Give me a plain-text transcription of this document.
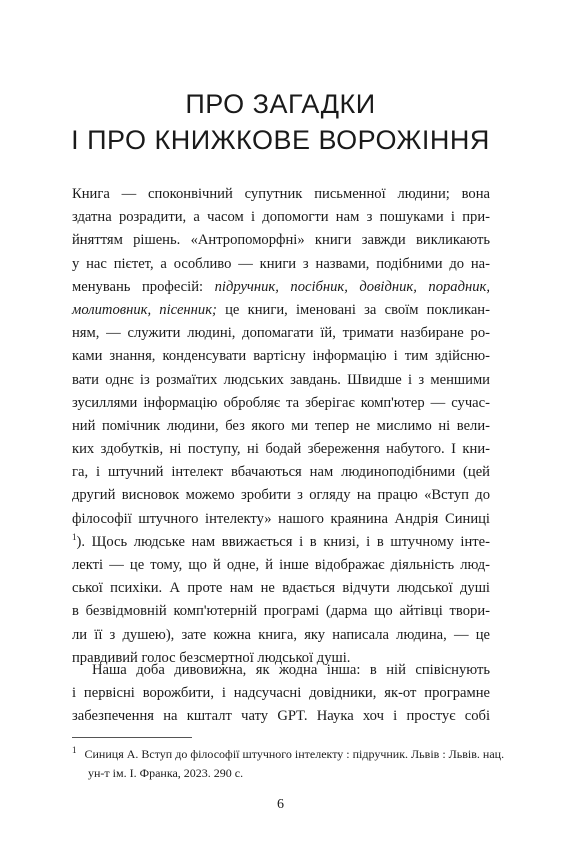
ПРО ЗАГАДКИ
І ПРО КНИЖКОВЕ ВОРОЖІННЯ
Книга — споконвічний супутник письменної людини; вона
здатна розрадити, а часом і допомогти нам з пошуками і при-
йняттям рішень. «Антропоморфні» книги завжди викликають
у нас пієтет, а особливо — книги з назвами, подібними до на-
менувань професій: підручник, посібник, довідник, порадник,
молитовник, пісенник; це книги, іменовані за своїм покликан-
ням, — служити людині, допомагати їй, тримати назбиране ро-
ками знання, конденсувати вартісну інформацію і тим здійсню-
вати однє із розмаїтих людських завдань. Швидше і з меншими
зусиллями інформацію обробляє та зберігає комп'ютер — сучас-
ний помічник людини, без якого ми тепер не мислимо ні вели-
ких здобутків, ні поступу, ні бодай збереження набутого. І кни-
га, і штучний інтелект вбачаються нам людиноподібними (цей
другий висновок можемо зробити з огляду на працю «Вступ до
філософії штучного інтелекту» нашого краянина Андрія Синиці
$^1$). Щось людське нам ввижається і в книзі, і в штучному інте-
лекті — це тому, що й одне, й інше відображає діяльність люд-
ської психіки. А проте нам не вдається відчути людської душі
в безвідмовній комп'ютерній програмі (дарма що айтівці твори-
ли її з душею), зате кожна книга, яку написала людина, — це
правдивий голос безсмертної людської душі.
Наша доба дивовижна, як жодна інша: в ній співіснують
і первісні ворожбити, і надсучасні довідники, як-от програмне
забезпечення на кшталт чату GPT. Наука хоч і простує собі
$^1$ Синиця А. Вступ до філософії штучного інтелекту : підручник. Львів : Львів. нац.
ун-т ім. І. Франка, 2023. 290 с.
6
